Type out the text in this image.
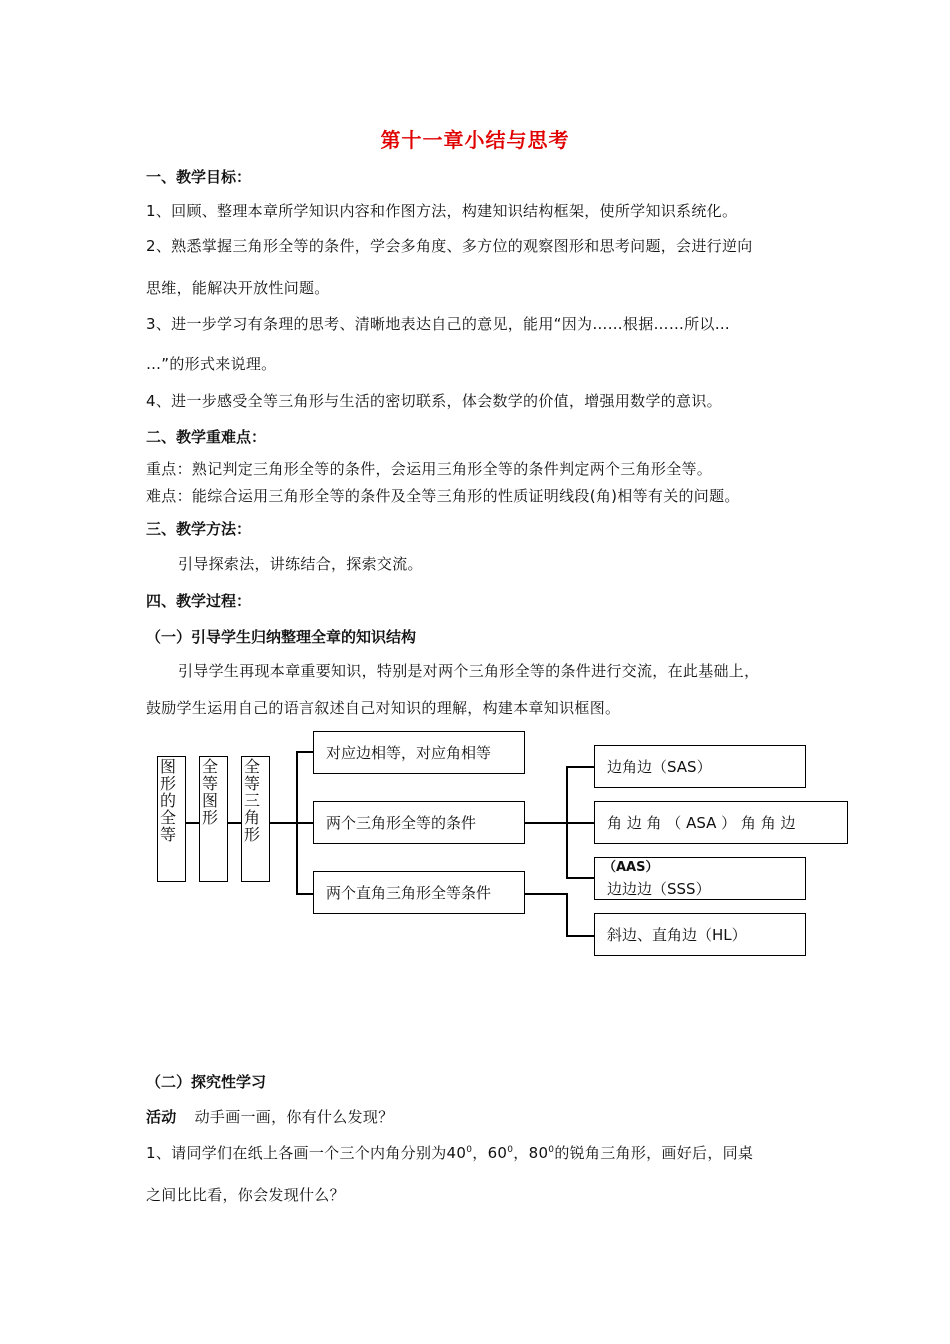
第十一章小结与思考
一、教学目标：
1、回顾、整理本章所学知识内容和作图方法，构建知识结构框架，使所学知识系统化。
2、熟悉掌握三角形全等的条件，学会多角度、多方位的观察图形和思考问题，会进行逆向
思维，能解决开放性问题。
3、进一步学习有条理的思考、清晰地表达自己的意见，能用“因为……根据……所以…
…”的形式来说理。
4、进一步感受全等三角形与生活的密切联系，体会数学的价值，增强用数学的意识。
二、教学重难点：
重点：熟记判定三角形全等的条件，会运用三角形全等的条件判定两个三角形全等。
难点：能综合运用三角形全等的条件及全等三角形的性质证明线段(角)相等有关的问题。
三、教学方法：
引导探索法，讲练结合，探索交流。
四、教学过程：
（一）引导学生归纳整理全章的知识结构
引导学生再现本章重要知识，特别是对两个三角形全等的条件进行交流，在此基础上，
鼓励学生运用自己的语言叙述自己对知识的理解，构建本章知识框图。
图形的全等
全等图形
全等三角形
对应边相等，对应角相等
两个三角形全等的条件
两个直角三角形全等条件
边角边（SAS）
角 边 角 （ ASA ） 角 角 边
（AAS）
边边边（SSS）
斜边、直角边（HL）
（二）探究性学习
活动 动手画一画，你有什么发现？
1、请同学们在纸上各画一个三个内角分别为$40^0$，$60^0$，$80^0$的锐角三角形，画好后，同桌
之间比比看，你会发现什么？
